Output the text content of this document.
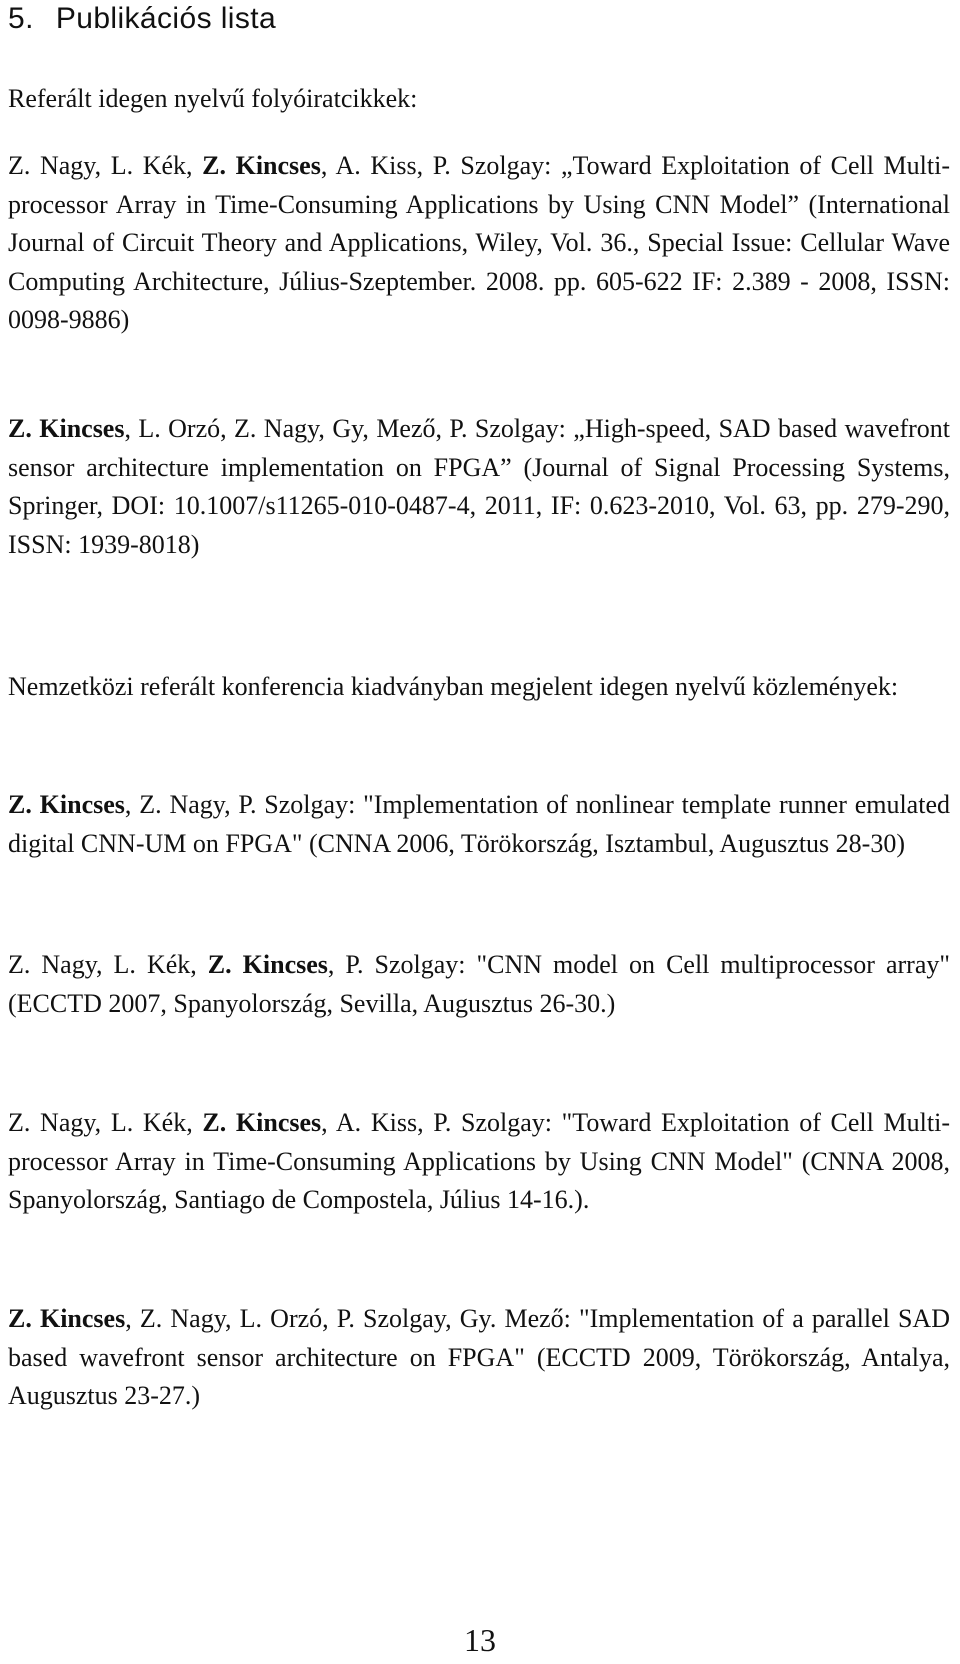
5. Publikációs lista
Referált idegen nyelvű folyóiratcikkek:
Z. Nagy, L. Kék, Z. Kincses, A. Kiss, P. Szolgay: „Toward Exploitation of Cell Multi-processor Array in Time-Consuming Applications by Using CNN Model” (International Journal of Circuit Theory and Applications, Wiley, Vol. 36., Special Issue: Cellular Wave Computing Architecture, Július-Szeptember. 2008. pp. 605-622 IF: 2.389 - 2008, ISSN: 0098-9886)
Z. Kincses, L. Orzó, Z. Nagy, Gy, Mező, P. Szolgay: „High-speed, SAD based wavefront sensor architecture implementation on FPGA” (Journal of Signal Processing Systems, Springer, DOI: 10.1007/s11265-010-0487-4, 2011, IF: 0.623-2010, Vol. 63, pp. 279-290, ISSN: 1939-8018)
Nemzetközi referált konferencia kiadványban megjelent idegen nyelvű közlemények:
Z. Kincses, Z. Nagy, P. Szolgay: "Implementation of nonlinear template runner emulated digital CNN-UM on FPGA" (CNNA 2006, Törökország, Isztambul, Augusztus 28-30)
Z. Nagy, L. Kék, Z. Kincses, P. Szolgay: "CNN model on Cell multiprocessor array" (ECCTD 2007, Spanyolország, Sevilla, Augusztus 26-30.)
Z. Nagy, L. Kék, Z. Kincses, A. Kiss, P. Szolgay: "Toward Exploitation of Cell Multi-processor Array in Time-Consuming Applications by Using CNN Model" (CNNA 2008, Spanyolország, Santiago de Compostela, Július 14-16.).
Z. Kincses, Z. Nagy, L. Orzó, P. Szolgay, Gy. Mező: "Implementation of a parallel SAD based wavefront sensor architecture on FPGA" (ECCTD 2009, Törökország, Antalya, Augusztus 23-27.)
13
